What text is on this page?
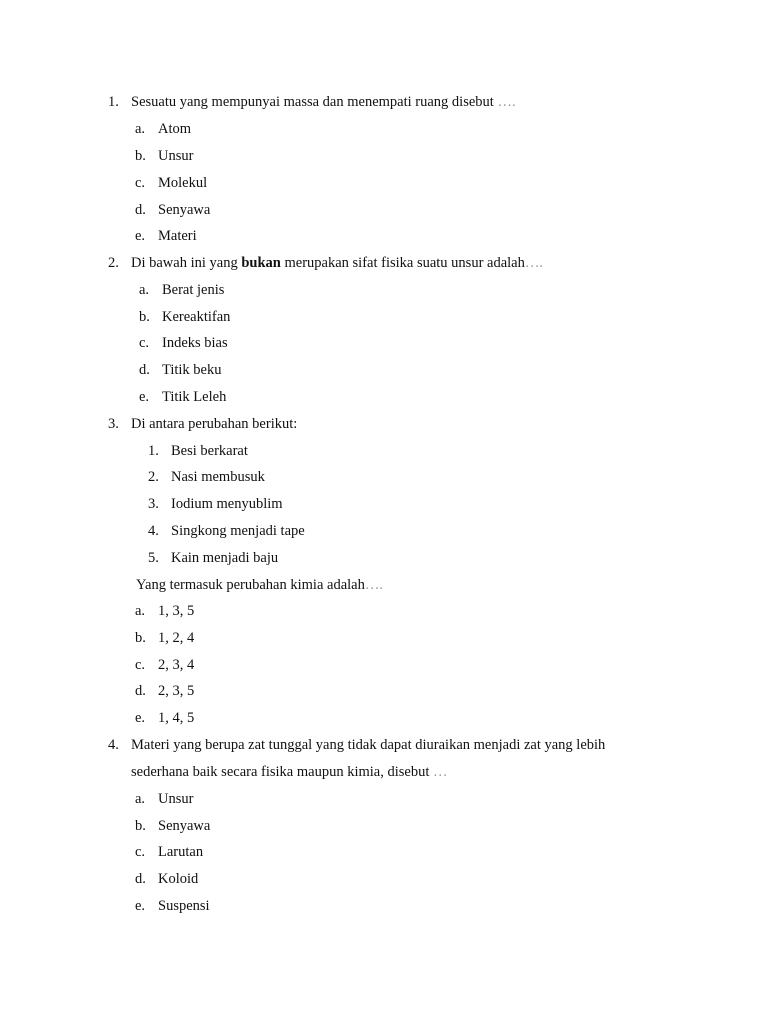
1. Sesuatu yang mempunyai massa dan menempati ruang disebut ….
a. Atom
b. Unsur
c. Molekul
d. Senyawa
e. Materi
2. Di bawah ini yang bukan merupakan sifat fisika suatu unsur adalah….
a. Berat jenis
b. Kereaktifan
c. Indeks bias
d. Titik beku
e. Titik Leleh
3. Di antara perubahan berikut:
1. Besi berkarat
2. Nasi membusuk
3. Iodium menyublim
4. Singkong menjadi tape
5. Kain menjadi baju
Yang termasuk perubahan kimia adalah….
a. 1, 3, 5
b. 1, 2, 4
c. 2, 3, 4
d. 2, 3, 5
e. 1, 4, 5
4. Materi yang berupa zat tunggal yang tidak dapat diuraikan menjadi zat yang lebih
sederhana baik secara fisika maupun kimia, disebut …
a. Unsur
b. Senyawa
c. Larutan
d. Koloid
e. Suspensi
